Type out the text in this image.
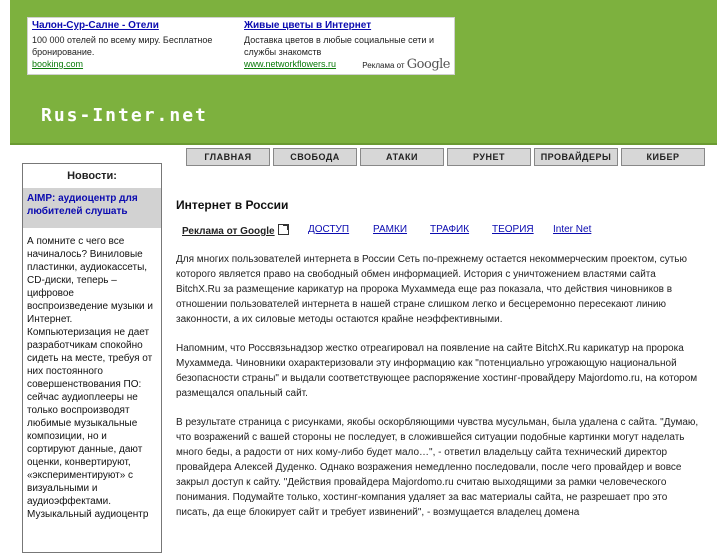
Чалон-Сур-Салне - Отели
100 000 отелей по всему миру. Бесплатное бронирование.
booking.com
Живые цветы в Интернет
Доставка цветов в любые социальные сети и службы знакомств
www.networkflowers.ru	Реклама от Google
Rus-Inter.net
ГЛАВНАЯ	СВОБОДА	АТАКИ	РУНЕТ	ПРОВАЙДЕРЫ	КИБЕР
Новости:
AIMP: аудиоцентр для любителей слушать
А помните с чего все начиналось? Виниловые пластинки, аудиокассеты, CD-диски, теперь – цифровое воспроизведение музыки и Интернет. Компьютеризация не дает разработчикам спокойно сидеть на месте, требуя от них постоянного совершенствования ПО: сейчас аудиоплееры не только воспроизводят любимые музыкальные композиции, но и сортируют данные, дают оценки, конвертируют, «экспериментируют» с визуальными и аудиоэффектами. Музыкальный аудиоцентр
Интернет в России
Реклама от Google	ДОСТУП РАМКИ ТРАФИК ТЕОРИЯ Inter Net

Для многих пользователей интернета в России Сеть по-прежнему остается некоммерческим проектом, сутью которого является право на свободный обмен информацией. История с уничтожением властями сайта BitchX.Ru за размещение карикатур на пророка Мухаммеда еще раз показала, что действия чиновников в отношении пользователей интернета в нашей стране слишком легко и бесцеремонно пересекают линию законности, а их силовые методы остаются крайне неэффективными.

Напомним, что Россвязьнадзор жестко отреагировал на появление на сайте BitchX.Ru карикатур на пророка Мухаммеда. Чиновники охарактеризовали эту информацию как "потенциально угрожающую национальной безопасности страны" и выдали соответствующее распоряжение хостинг-провайдеру Majordomo.ru, на котором размещался опальный сайт.

В результате страница с рисунками, якобы оскорбляющими чувства мусульман, была удалена с сайта. "Думаю, что возражений с вашей стороны не последует, в сложившейся ситуации подобные картинки могут наделать много беды, а радости от них кому-либо будет мало…", - ответил владельцу сайта технический директор провайдера Алексей Дуденко. Однако возражения немедленно последовали, после чего провайдер и вовсе закрыл доступ к сайту. "Действия провайдера Majordomo.ru считаю выходящими за рамки человеческого понимания. Подумайте только, хостинг-компания удаляет за вас материалы сайта, не разрешает про это писать, да еще блокирует сайт и требует извинений", - возмущается владелец домена
